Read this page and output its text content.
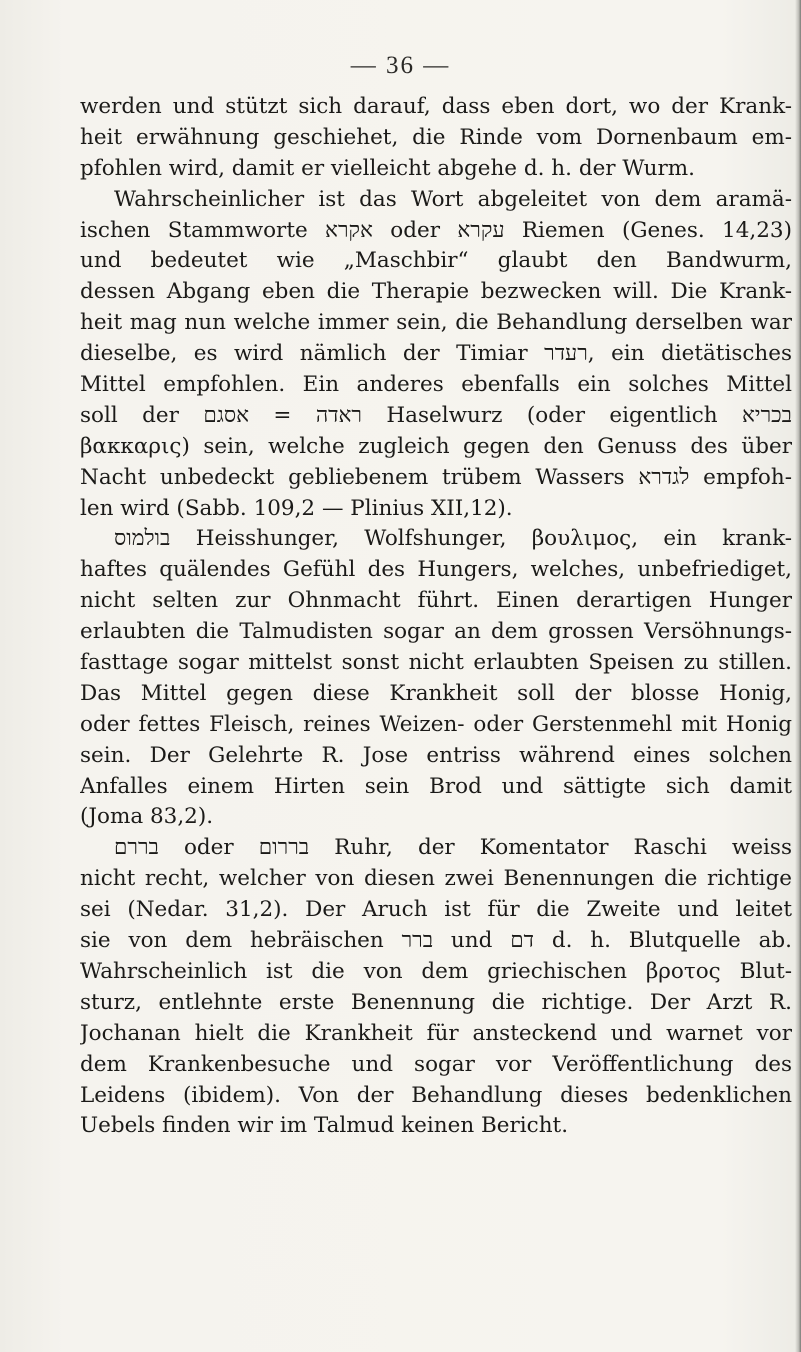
— 36 —
werden und stützt sich darauf, dass eben dort, wo der Krank-
heit erwähnung geschiehet, die Rinde vom Dornenbaum em-
pfohlen wird, damit er vielleicht abgehe d. h. der Wurm.
Wahrscheinlicher ist das Wort abgeleitet von dem aramä-
ischen Stammworte אקרא oder עקרא Riemen (Genes. 14,23)
und bedeutet wie „Maschbir“ glaubt den Bandwurm,
dessen Abgang eben die Therapie bezwecken will. Die Krank-
heit mag nun welche immer sein, die Behandlung derselben war
dieselbe, es wird nämlich der Timiar רעדר, ein dietätisches
Mittel empfohlen. Ein anderes ebenfalls ein solches Mittel
soll der ראדה = אסגם Haselwurz (oder eigentlich בכריא
βακκαρις) sein, welche zugleich gegen den Genuss des über
Nacht unbedeckt gebliebenem trübem Wassers לגדרא empfoh-
len wird (Sabb. 109,2 — Plinius XII,12).
בולמוס Heisshunger, Wolfshunger, βουλιμος, ein krank-
haftes quälendes Gefühl des Hungers, welches, unbefriediget,
nicht selten zur Ohnmacht führt. Einen derartigen Hunger
erlaubten die Talmudisten sogar an dem grossen Versöhnungs-
fasttage sogar mittelst sonst nicht erlaubten Speisen zu stillen.
Das Mittel gegen diese Krankheit soll der blosse Honig,
oder fettes Fleisch, reines Weizen- oder Gerstenmehl mit Honig
sein. Der Gelehrte R. Jose entriss während eines solchen
Anfalles einem Hirten sein Brod und sättigte sich damit
(Joma 83,2).
בררם oder בררום Ruhr, der Komentator Raschi weiss
nicht recht, welcher von diesen zwei Benennungen die richtige
sei (Nedar. 31,2). Der Aruch ist für die Zweite und leitet
sie von dem hebräischen ברר und דם d. h. Blutquelle ab.
Wahrscheinlich ist die von dem griechischen βροτος Blut-
sturz, entlehnte erste Benennung die richtige. Der Arzt R.
Jochanan hielt die Krankheit für ansteckend und warnet vor
dem Krankenbesuche und sogar vor Veröffentlichung des
Leidens (ibidem). Von der Behandlung dieses bedenklichen
Uebels finden wir im Talmud keinen Bericht.
